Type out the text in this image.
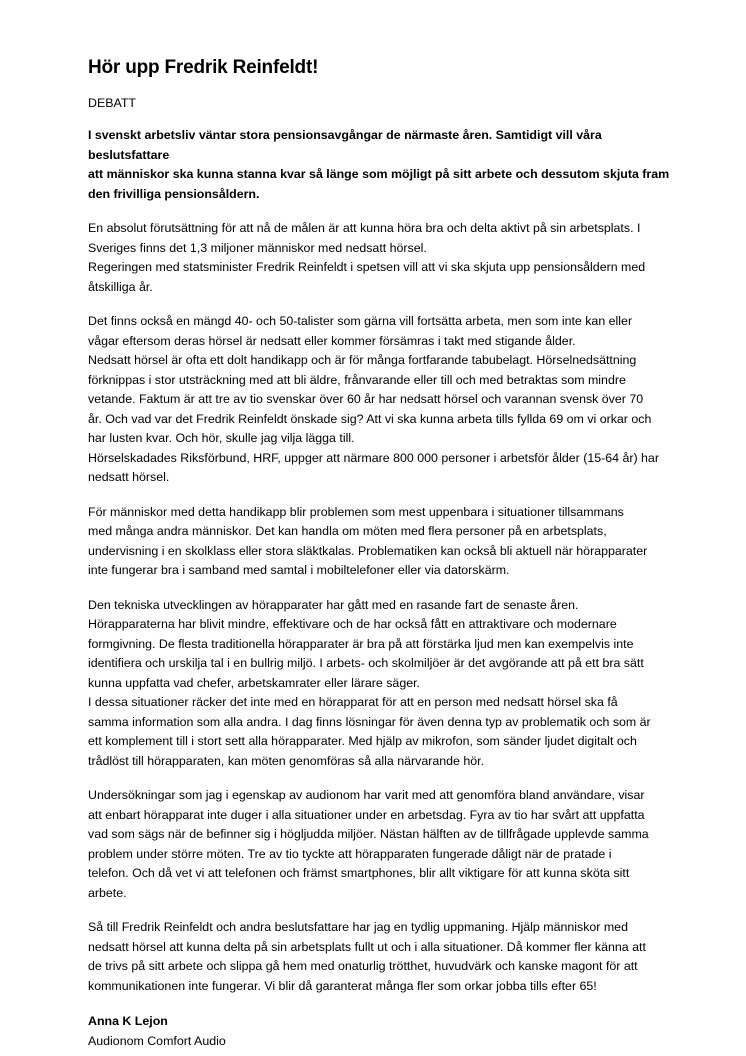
Hör upp Fredrik Reinfeldt!
DEBATT
I svenskt arbetsliv väntar stora pensionsavgångar de närmaste åren. Samtidigt vill våra beslutsfattare
att människor ska kunna stanna kvar så länge som möjligt på sitt arbete och dessutom skjuta fram
den frivilliga pensionsåldern.
En absolut förutsättning för att nå de målen är att kunna höra bra och delta aktivt på sin arbetsplats. I
Sveriges finns det 1,3 miljoner människor med nedsatt hörsel.
Regeringen med statsminister Fredrik Reinfeldt i spetsen vill att vi ska skjuta upp pensionsåldern med
åtskilliga år.
Det finns också en mängd 40- och 50-talister som gärna vill fortsätta arbeta, men som inte kan eller
vågar eftersom deras hörsel är nedsatt eller kommer försämras i takt med stigande ålder.
Nedsatt hörsel är ofta ett dolt handikapp och är för många fortfarande tabubelagt. Hörselnedsättning
förknippas i stor utsträckning med att bli äldre, frånvarande eller till och med betraktas som mindre
vetande. Faktum är att tre av tio svenskar över 60 år har nedsatt hörsel och varannan svensk över 70
år. Och vad var det Fredrik Reinfeldt önskade sig? Att vi ska kunna arbeta tills fyllda 69 om vi orkar och
har lusten kvar. Och hör, skulle jag vilja lägga till.
Hörselskadades Riksförbund, HRF, uppger att närmare 800 000 personer i arbetsför ålder (15-64 år) har
nedsatt hörsel.
För människor med detta handikapp blir problemen som mest uppenbara i situationer tillsammans
med många andra människor. Det kan handla om möten med flera personer på en arbetsplats,
undervisning i en skolklass eller stora släktkalas. Problematiken kan också bli aktuell när hörapparater
inte fungerar bra i samband med samtal i mobiltelefoner eller via datorskärm.
Den tekniska utvecklingen av hörapparater har gått med en rasande fart de senaste åren.
Hörapparaterna har blivit mindre, effektivare och de har också fått en attraktivare och modernare
formgivning. De flesta traditionella hörapparater är bra på att förstärka ljud men kan exempelvis inte
identifiera och urskilja tal i en bullrig miljö. I arbets- och skolmiljöer är det avgörande att på ett bra sätt
kunna uppfatta vad chefer, arbetskamrater eller lärare säger.
I dessa situationer räcker det inte med en hörapparat för att en person med nedsatt hörsel ska få
samma information som alla andra. I dag finns lösningar för även denna typ av problematik och som är
ett komplement till i stort sett alla hörapparater. Med hjälp av mikrofon, som sänder ljudet digitalt och
trådlöst till hörapparaten, kan möten genomföras så alla närvarande hör.
Undersökningar som jag i egenskap av audionom har varit med att genomföra bland användare, visar
att enbart hörapparat inte duger i alla situationer under en arbetsdag. Fyra av tio har svårt att uppfatta
vad som sägs när de befinner sig i högljudda miljöer. Nästan hälften av de tillfrågade upplevde samma
problem under större möten. Tre av tio tyckte att hörapparaten fungerade dåligt när de pratade i
telefon. Och då vet vi att telefonen och främst smartphones, blir allt viktigare för att kunna sköta sitt
arbete.
Så till Fredrik Reinfeldt och andra beslutsfattare har jag en tydlig uppmaning. Hjälp människor med
nedsatt hörsel att kunna delta på sin arbetsplats fullt ut och i alla situationer. Då kommer fler känna att
de trivs på sitt arbete och slippa gå hem med onaturlig trötthet, huvudvärk och kanske magont för att
kommunikationen inte fungerar. Vi blir då garanterat många fler som orkar jobba tills efter 65!
Anna K Lejon
Audionom Comfort Audio
